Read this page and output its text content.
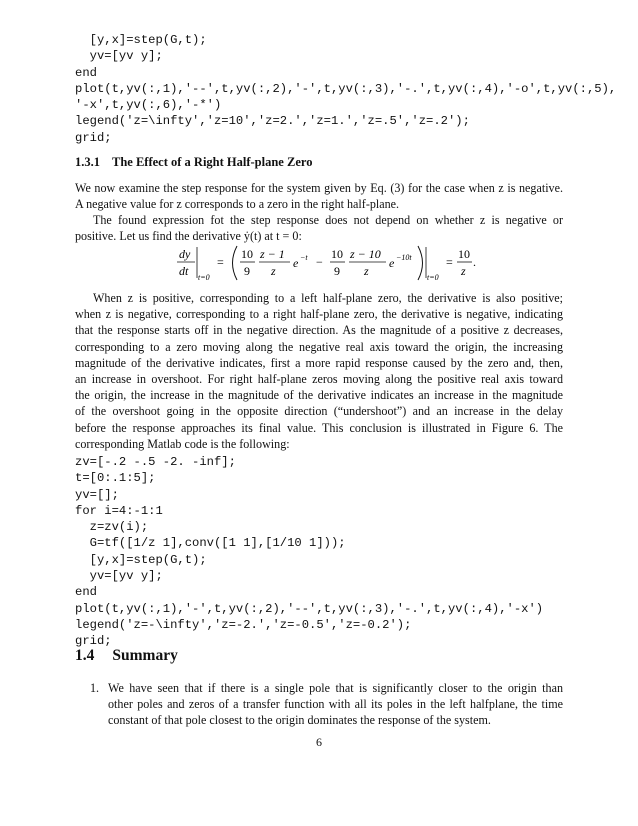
[y,x]=step(G,t);
yv=[yv y];
end
plot(t,yv(:,1),'--',t,yv(:,2),'-',t,yv(:,3),'-.',t,yv(:,4),'-o',t,yv(:,5),
'-x',t,yv(:,6),'-*')
legend('z=\infty','z=10','z=2.','z=1.','z=.5','z=.2');
grid;
1.3.1 The Effect of a Right Half-plane Zero
We now examine the step response for the system given by Eq. (3) for the case when z is negative.
A negative value for z corresponds to a zero in the right half-plane.
The found expression fot the step response does not depend on whether z is negative or
positive. Let us find the derivative ẏ(t) at t = 0:
dy
dt t=0
=
10
9
z − 1
z
e −t −
10
9
z − 10
z
e −10t
t=0
=
10
z
.
When z is positive, corresponding to a left half-plane zero, the derivative is also positive;
when z is negative, corresponding to a right half-plane zero, the derivative is negative, indicating
that the response starts off in the negative direction. As the magnitude of a positive z decreases,
corresponding to a zero moving along the negative real axis toward the origin, the increasing
magnitude of the derivative indicates, first a more rapid response caused by the zero and, then,
an increase in overshoot. For right half-plane zeros moving along the positive real axis toward
the origin, the increase in the magnitude of the derivative indicates an increase in the magnitude
of the overshoot going in the opposite direction (“undershoot”) and an increase in the delay
before the response approaches its final value. This conclusion is illustrated in Figure 6. The
corresponding Matlab code is the following:
zv=[-.2 -.5 -2. -inf];
t=[0:.1:5];
yv=[];
for i=4:-1:1
z=zv(i);
G=tf([1/z 1],conv([1 1],[1/10 1]));
[y,x]=step(G,t);
yv=[yv y];
end
plot(t,yv(:,1),'-',t,yv(:,2),'--',t,yv(:,3),'-.',t,yv(:,4),'-x')
legend('z=-\infty','z=-2.','z=-0.5','z=-0.2');
grid;
1.4 Summary
1. We have seen that if there is a single pole that is significantly closer to the origin than
other poles and zeros of a transfer function with all its poles in the left halfplane, the time
constant of that pole closest to the origin dominates the response of the system.
6
